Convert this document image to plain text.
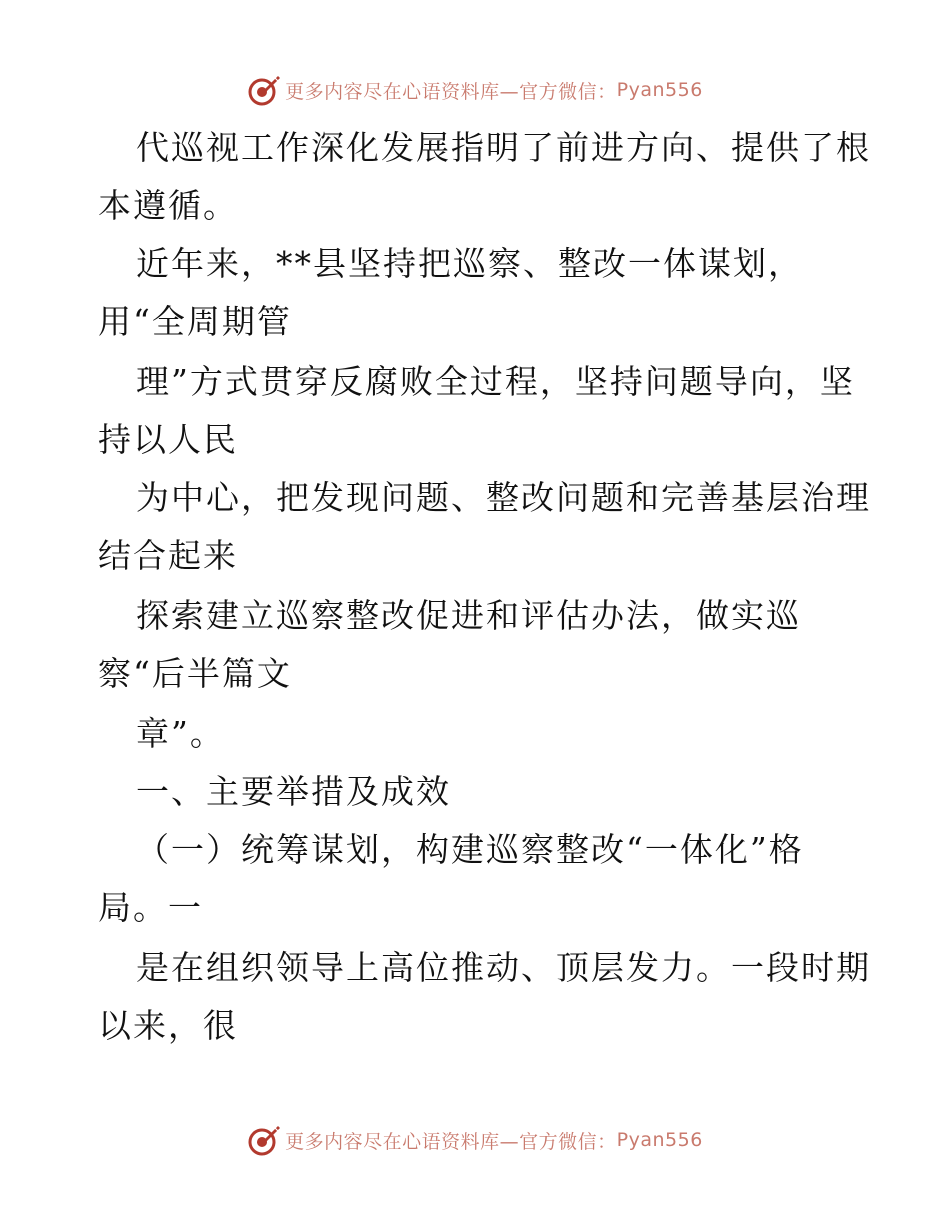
更多内容尽在心语资料库—官方微信： Pyan556
代巡视工作深化发展指明了前进方向、提供了根
本遵循。
近年来，**县坚持把巡察、整改一体谋划，
用“全周期管
理”方式贯穿反腐败全过程，坚持问题导向，坚
持以人民
为中心，把发现问题、整改问题和完善基层治理
结合起来
探索建立巡察整改促进和评估办法，做实巡
察“后半篇文
章”。
一、主要举措及成效
（一）统筹谋划，构建巡察整改“一体化”格
局。一
是在组织领导上高位推动、顶层发力。一段时期
以来，很
更多内容尽在心语资料库—官方微信： Pyan556
